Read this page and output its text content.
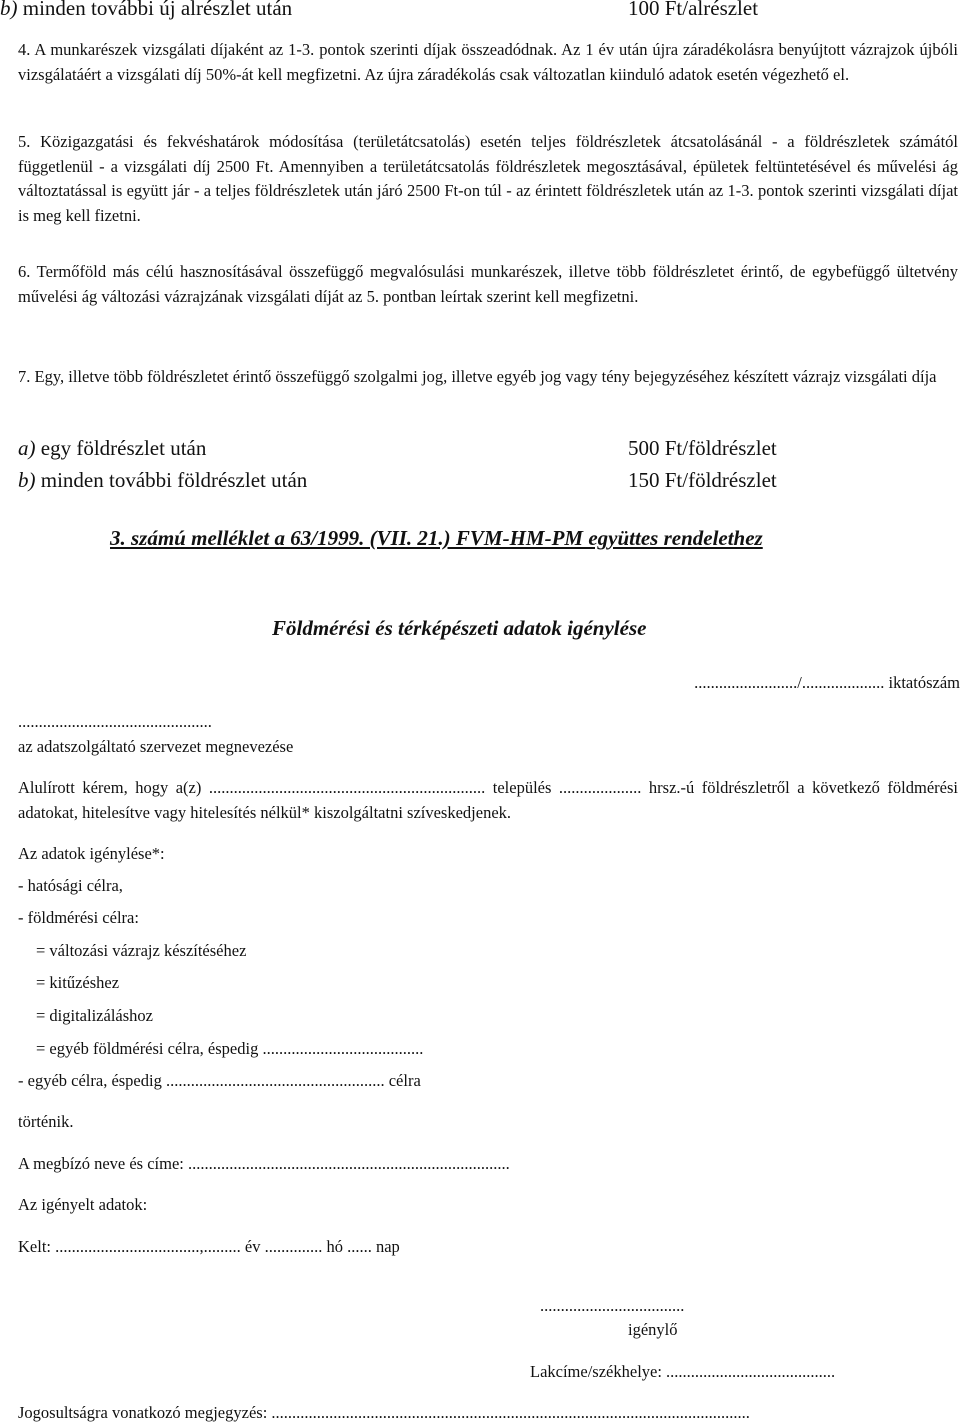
b) minden további új alrészlet után	100 Ft/alrészlet
4. A munkarészek vizsgálati díjaként az 1-3. pontok szerinti díjak összeadódnak. Az 1 év után újra záradékolásra benyújtott vázrajzok újbóli vizsgálatáért a vizsgálati díj 50%-át kell megfizetni. Az újra záradékolás csak változatlan kiinduló adatok esetén végezhető el.
5. Közigazgatási és fekvéshatárok módosítása (területátcsatolás) esetén teljes földrészletek átcsatolásánál - a földrészletek számától függetlenül - a vizsgálati díj 2500 Ft. Amennyiben a területátcsatolás földrészletek megosztásával, épületek feltüntetésével és művelési ág változtatással is együtt jár - a teljes földrészletek után járó 2500 Ft-on túl - az érintett földrészletek után az 1-3. pontok szerinti vizsgálati díjat is meg kell fizetni.
6. Termőföld más célú hasznosításával összefüggő megvalósulási munkarészek, illetve több földrészletet érintő, de egybefüggő ültetvény művelési ág változási vázrajzának vizsgálati díját az 5. pontban leírtak szerint kell megfizetni.
7. Egy, illetve több földrészletet érintő összefüggő szolgalmi jog, illetve egyéb jog vagy tény bejegyzéséhez készített vázrajz vizsgálati díja
a) egy földrészlet után	500 Ft/földrészlet
b) minden további földrészlet után	150 Ft/földrészlet
3. számú melléklet a 63/1999. (VII. 21.) FVM-HM-PM együttes rendelethez
Földmérési és térképészeti adatok igénylése
........................./.................... iktatószám
...............................................
az adatszolgáltató szervezet megnevezése
Alulírott kérem, hogy a(z) ................................................................... település .................... hrsz.-ú földrészletről a következő földmérési adatokat, hitelesítve vagy hitelesítés nélkül* kiszolgáltatni szíveskedjenek.
Az adatok igénylése*:
- hatósági célra,
- földmérési célra:
= változási vázrajz készítéséhez
= kitűzéshez
= digitalizáláshoz
= egyéb földmérési célra, éspedig .......................................
- egyéb célra, éspedig ..................................................... célra
történik.
A megbízó neve és címe: ..............................................................................
Az igényelt adatok:
Kelt: ...................................,......... év .............. hó ...... nap
...................................
igénylő
Lakcíme/székhelye: .........................................
Jogosultságra vonatkozó megjegyzés: ....................................................................................................................
